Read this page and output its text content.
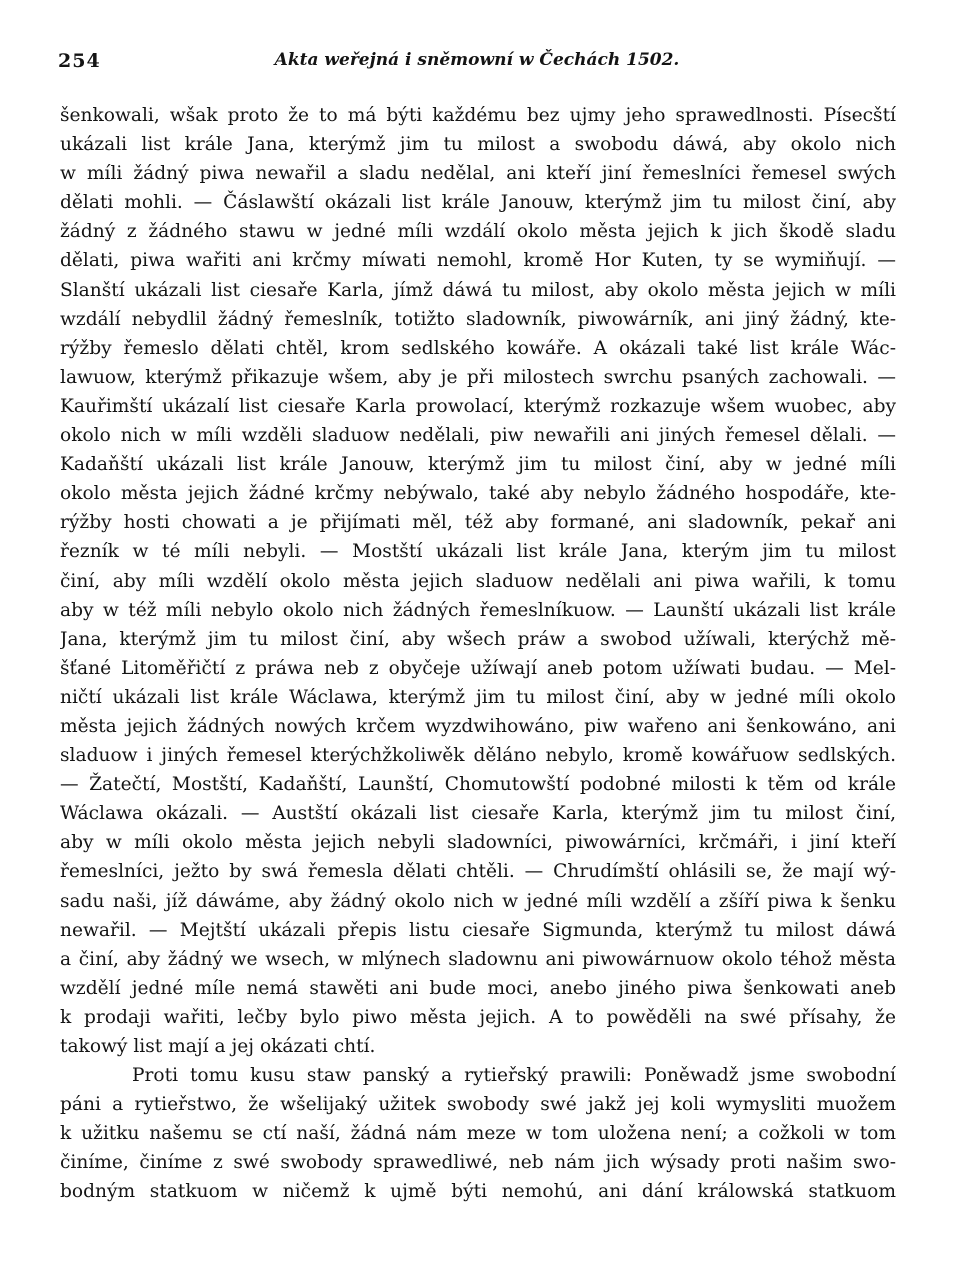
254	Akta weřejná i sněmowní w Čechách 1502.
šenkowali, wšak proto že to má býti každému bez ujmy jeho sprawedlnosti. Písecští
ukázali list krále Jana, kterýmž jim tu milost a swobodu dáwá, aby okolo nich
w míli žádný piwa newařil a sladu nedělal, ani kteří jiní řemeslníci řemesel swých
dělati mohli. — Čáslawští okázali list krále Janouw, kterýmž jim tu milost činí, aby
žádný z žádného stawu w jedné míli wzdálí okolo města jejich k jich škodě sladu
dělati, piwa wařiti ani krčmy míwati nemohl, kromě Hor Kuten, ty se wymiňují. —
Slanští ukázali list ciesaře Karla, jímž dáwá tu milost, aby okolo města jejich w míli
wzdálí nebydlil žádný řemeslník, totižto sladowník, piwowárník, ani jiný žádný, kte-
rýžby řemeslo dělati chtěl, krom sedlského kowáře. A okázali také list krále Wác-
lawuow, kterýmž přikazuje wšem, aby je při milostech swrchu psaných zachowali. —
Kauřimští ukázalí list ciesaře Karla prowolací, kterýmž rozkazuje wšem wuobec, aby
okolo nich w míli wzděli sladuow nedělali, piw newařili ani jiných řemesel dělali. —
Kadaňští ukázali list krále Janouw, kterýmž jim tu milost činí, aby w jedné míli
okolo města jejich žádné krčmy nebýwalo, také aby nebylo žádného hospodáře, kte-
rýžby hosti chowati a je přijímati měl, též aby formané, ani sladowník, pekař ani
řezník w té míli nebyli. — Mostští ukázali list krále Jana, kterým jim tu milost
činí, aby míli wzdělí okolo města jejich sladuow nedělali ani piwa wařili, k tomu
aby w též míli nebylo okolo nich žádných řemeslníkuow. — Launští ukázali list krále
Jana, kterýmž jim tu milost činí, aby wšech práw a swobod užíwali, kterýchž mě-
šťané Litoměřičtí z práwa neb z obyčeje užíwají aneb potom užíwati budau. — Mel-
ničtí ukázali list krále Wáclawa, kterýmž jim tu milost činí, aby w jedné míli okolo
města jejich žádných nowých krčem wyzdwihowáno, piw wařeno ani šenkowáno, ani
sladuow i jiných řemesel kterýchžkoliwěk děláno nebylo, kromě kowářuow sedlských.
— Žatečtí, Mostští, Kadaňští, Launští, Chomutowští podobné milosti k těm od krále
Wáclawa okázali. — Austští okázali list ciesaře Karla, kterýmž jim tu milost činí,
aby w míli okolo města jejich nebyli sladowníci, piwowárníci, krčmáři, i jiní kteří
řemeslníci, ježto by swá řemesla dělati chtěli. — Chrudímští ohlásili se, že mají wý-
sadu naši, jíž dáwáme, aby žádný okolo nich w jedné míli wzdělí a zšíří piwa k šenku
newařil. — Mejtští ukázali přepis listu ciesaře Sigmunda, kterýmž tu milost dáwá
a činí, aby žádný we wsech, w mlýnech sladownu ani piwowárnuow okolo téhož města
wzdělí jedné míle nemá stawěti ani bude moci, anebo jiného piwa šenkowati aneb
k prodaji wařiti, lečby bylo piwo města jejich. A to powěděli na swé přísahy, že
takowý list mají a jej okázati chtí.
Proti tomu kusu staw panský a rytieřský prawili: Poněwadž jsme swobodní
páni a rytieřstwo, že wšelijaký užitek swobody swé jakž jej koli wymysliti muožem
k užitku našemu se ctí naší, žádná nám meze w tom uložena není; a cožkoli w tom
činíme, činíme z swé swobody sprawedliwé, neb nám jich wýsady proti našim swo-
bodným statkuom w ničemž k ujmě býti nemohú, ani dání králowská statkuom
